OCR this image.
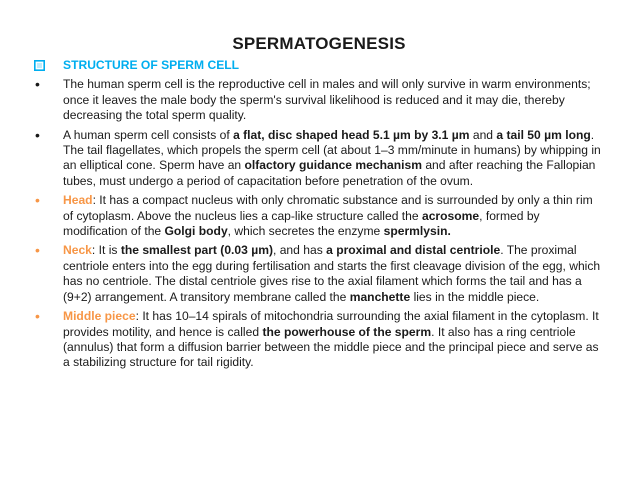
SPERMATOGENESIS
STRUCTURE OF SPERM CELL
• The human sperm cell is the reproductive cell in males and will only survive in warm environments; once it leaves the male body the sperm's survival likelihood is reduced and it may die, thereby decreasing the total sperm quality.
• A human sperm cell consists of a flat, disc shaped head 5.1 µm by 3.1 µm and a tail 50 µm long. The tail flagellates, which propels the sperm cell (at about 1–3 mm/minute in humans) by whipping in an elliptical cone. Sperm have an olfactory guidance mechanism and after reaching the Fallopian tubes, must undergo a period of capacitation before penetration of the ovum.
• Head: It has a compact nucleus with only chromatic substance and is surrounded by only a thin rim of cytoplasm. Above the nucleus lies a cap-like structure called the acrosome, formed by modification of the Golgi body, which secretes the enzyme spermlysin.
• Neck: It is the smallest part (0.03 µm), and has a proximal and distal centriole. The proximal centriole enters into the egg during fertilisation and starts the first cleavage division of the egg, which has no centriole. The distal centriole gives rise to the axial filament which forms the tail and has a (9+2) arrangement. A transitory membrane called the manchette lies in the middle piece.
• Middle piece: It has 10–14 spirals of mitochondria surrounding the axial filament in the cytoplasm. It provides motility, and hence is called the powerhouse of the sperm. It also has a ring centriole (annulus) that form a diffusion barrier between the middle piece and the principal piece and serve as a stabilizing structure for tail rigidity.
